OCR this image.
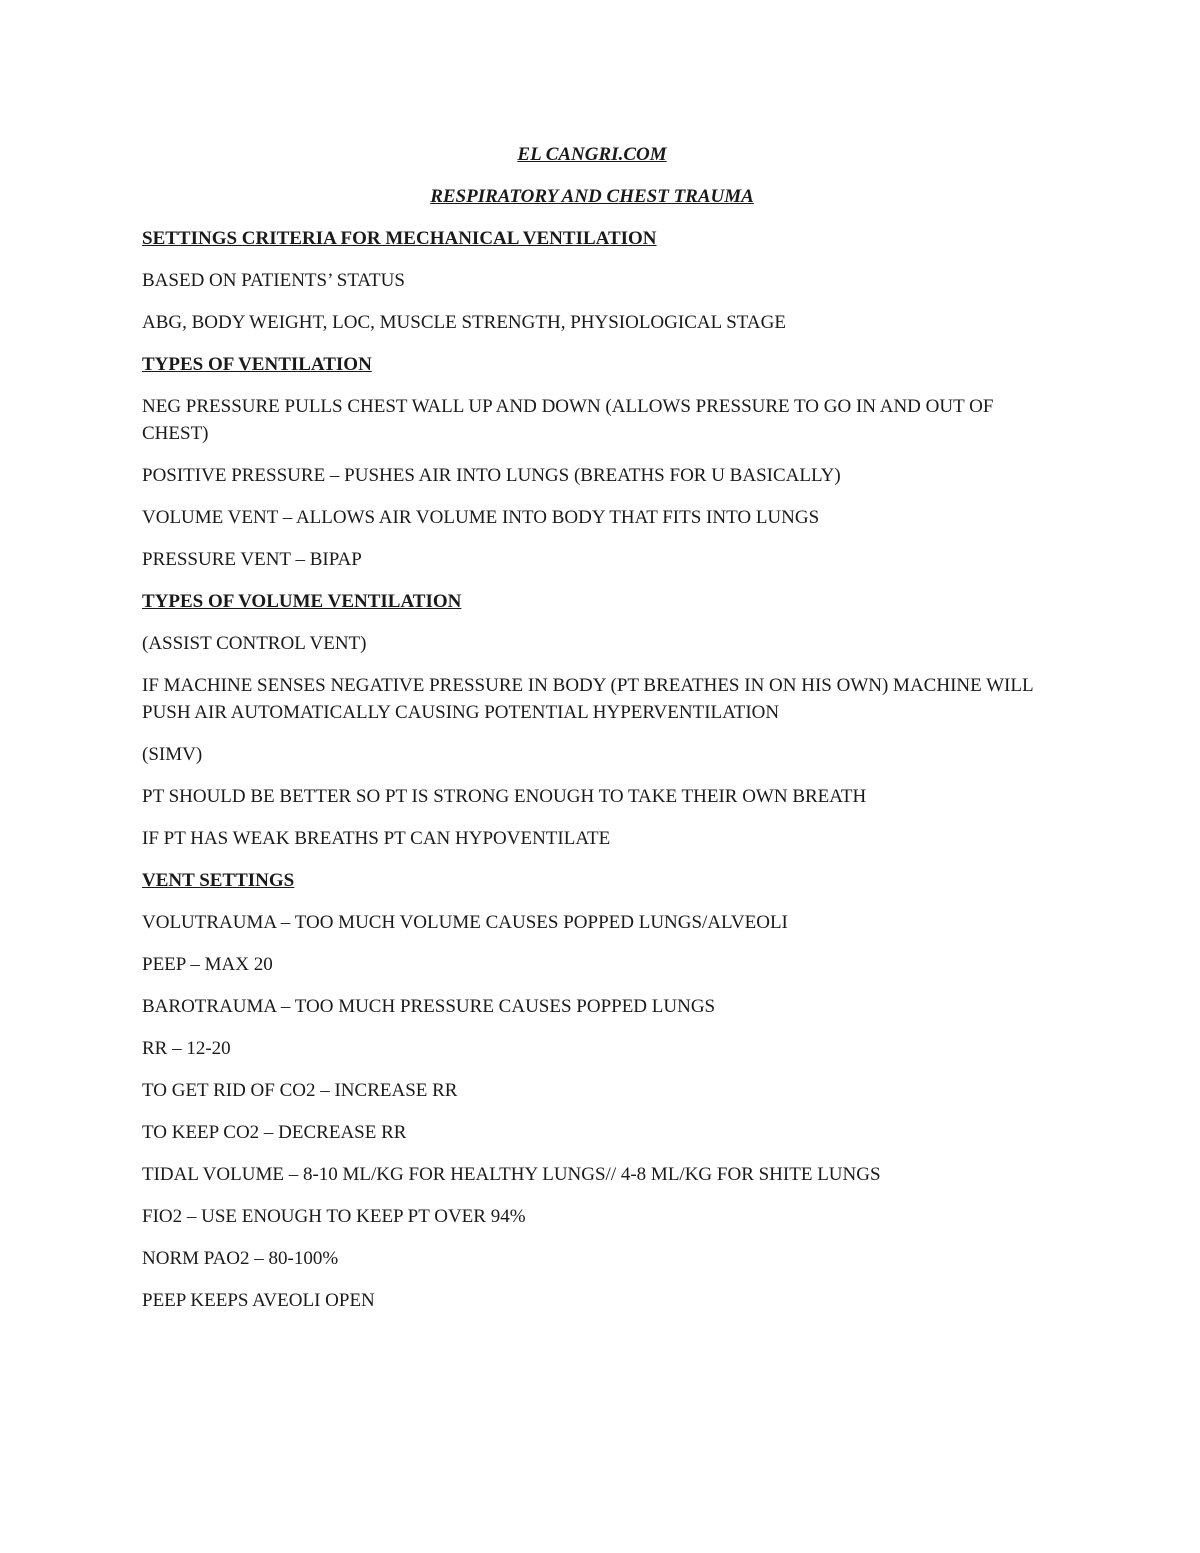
EL CANGRI.COM
RESPIRATORY AND CHEST TRAUMA
SETTINGS CRITERIA FOR MECHANICAL VENTILATION
BASED ON PATIENTS’ STATUS
ABG, BODY WEIGHT, LOC, MUSCLE STRENGTH, PHYSIOLOGICAL STAGE
TYPES OF VENTILATION
NEG PRESSURE PULLS CHEST WALL UP AND DOWN (ALLOWS PRESSURE TO GO IN AND OUT OF CHEST)
POSITIVE PRESSURE – PUSHES AIR INTO LUNGS (BREATHS FOR U BASICALLY)
VOLUME VENT – ALLOWS AIR VOLUME INTO BODY THAT FITS INTO LUNGS
PRESSURE VENT – BIPAP
TYPES OF VOLUME VENTILATION
(ASSIST CONTROL VENT)
IF MACHINE SENSES NEGATIVE PRESSURE IN BODY (PT BREATHES IN ON HIS OWN) MACHINE WILL PUSH AIR AUTOMATICALLY CAUSING POTENTIAL HYPERVENTILATION
(SIMV)
PT SHOULD BE BETTER SO PT IS STRONG ENOUGH TO TAKE THEIR OWN BREATH
IF PT HAS WEAK BREATHS PT CAN HYPOVENTILATE
VENT SETTINGS
VOLUTRAUMA – TOO MUCH VOLUME CAUSES POPPED LUNGS/ALVEOLI
PEEP – MAX 20
BAROTRAUMA – TOO MUCH PRESSURE CAUSES POPPED LUNGS
RR – 12-20
TO GET RID OF CO2 – INCREASE RR
TO KEEP CO2 – DECREASE RR
TIDAL VOLUME – 8-10 ML/KG FOR HEALTHY LUNGS// 4-8 ML/KG FOR SHITE LUNGS
FIO2 – USE ENOUGH TO KEEP PT OVER 94%
NORM PAO2 – 80-100%
PEEP KEEPS AVEOLI OPEN
